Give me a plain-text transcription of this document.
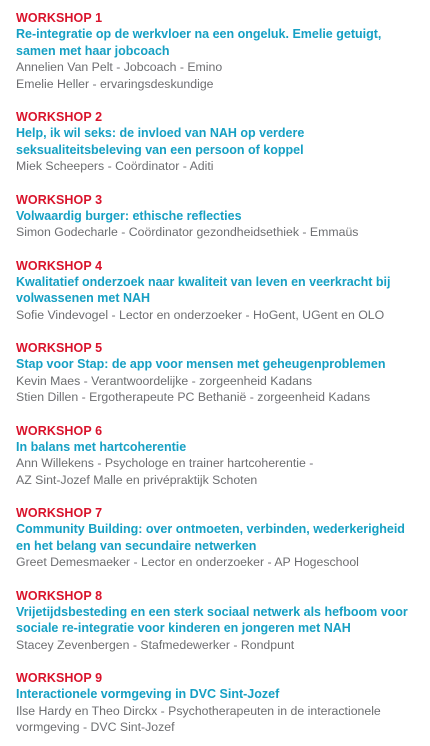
WORKSHOP 1
Re-integratie op de werkvloer na een ongeluk. Emelie getuigt,
samen met haar jobcoach
Annelien Van Pelt - Jobcoach - Emino
Emelie Heller - ervaringsdeskundige
WORKSHOP 2
Help, ik wil seks: de invloed van NAH op verdere
seksualiteitsbeleving van een persoon of koppel
Miek Scheepers - Coördinator - Aditi
WORKSHOP 3
Volwaardig burger: ethische reflecties
Simon Godecharle - Coördinator gezondheidsethiek - Emmaüs
WORKSHOP 4
Kwalitatief onderzoek naar kwaliteit van leven en veerkracht bij
volwassenen met NAH
Sofie Vindevogel - Lector en onderzoeker - HoGent, UGent en OLO
WORKSHOP 5
Stap voor Stap: de app voor mensen met geheugenproblemen
Kevin Maes - Verantwoordelijke - zorgeenheid Kadans
Stien Dillen - Ergotherapeute PC Bethanië - zorgeenheid Kadans
WORKSHOP 6
In balans met hartcoherentie
Ann Willekens - Psychologe en trainer hartcoherentie -
AZ Sint-Jozef Malle en privépraktijk Schoten
WORKSHOP 7
Community Building: over ontmoeten, verbinden, wederkerigheid
en het belang van secundaire netwerken
Greet Demesmaeker - Lector en onderzoeker - AP Hogeschool
WORKSHOP 8
Vrijetijdsbesteding en een sterk sociaal netwerk als hefboom voor
sociale re-integratie voor kinderen en jongeren met NAH
Stacey Zevenbergen - Stafmedewerker - Rondpunt
WORKSHOP 9
Interactionele vormgeving in DVC Sint-Jozef
Ilse Hardy en Theo Dirckx - Psychotherapeuten in de interactionele
vormgeving - DVC Sint-Jozef
